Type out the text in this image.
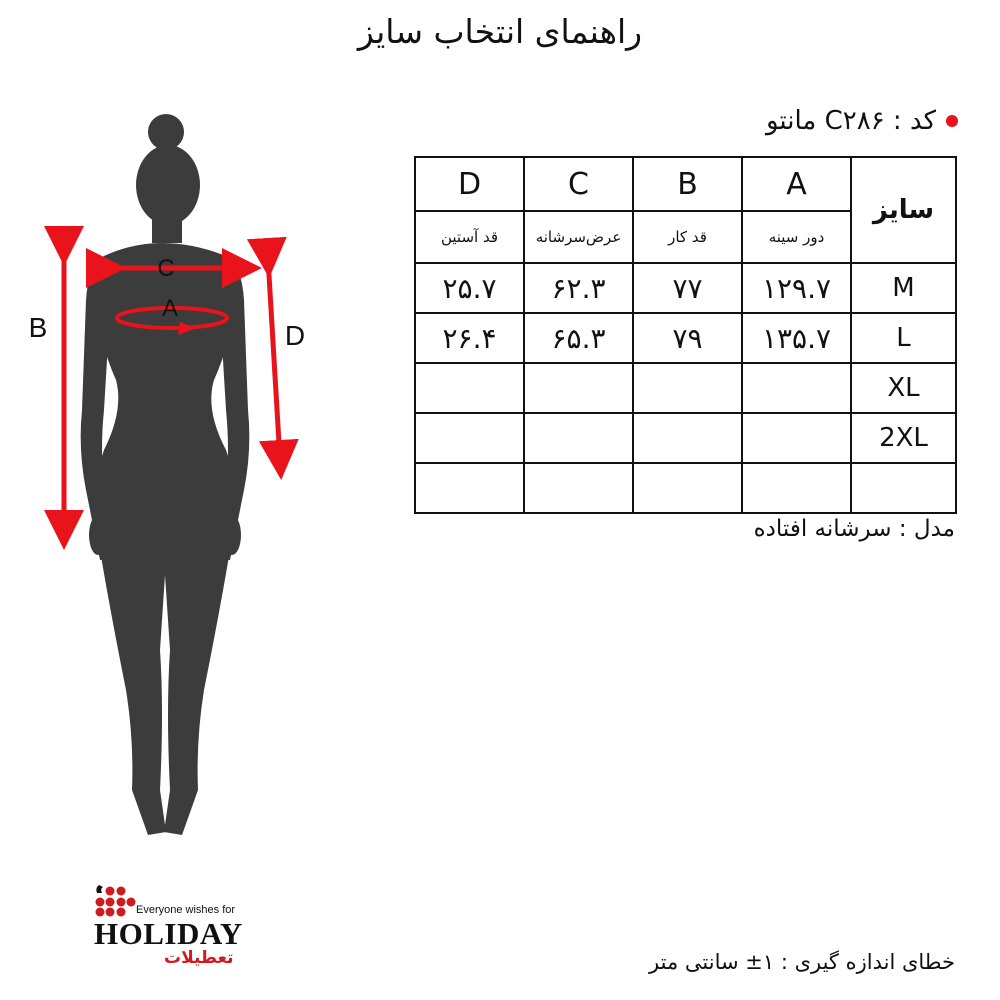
راهنمای انتخاب سایز
کد : C۲۸۶ مانتو
C
A
B	D
D	C	B	A	سایز
قد آستین	عرض‌سرشانه	قد کار	دور سینه	
۲۵.۷	۶۲.۳	۷۷	۱۲۹.۷	M
۲۶.۴	۶۵.۳	۷۹	۱۳۵.۷	L
				XL
				2XL

مدل : سرشانه افتاده
Everyone wishes for
HOLIDAY
تعطیلات	خطای اندازه گیری : ۱± سانتی متر
